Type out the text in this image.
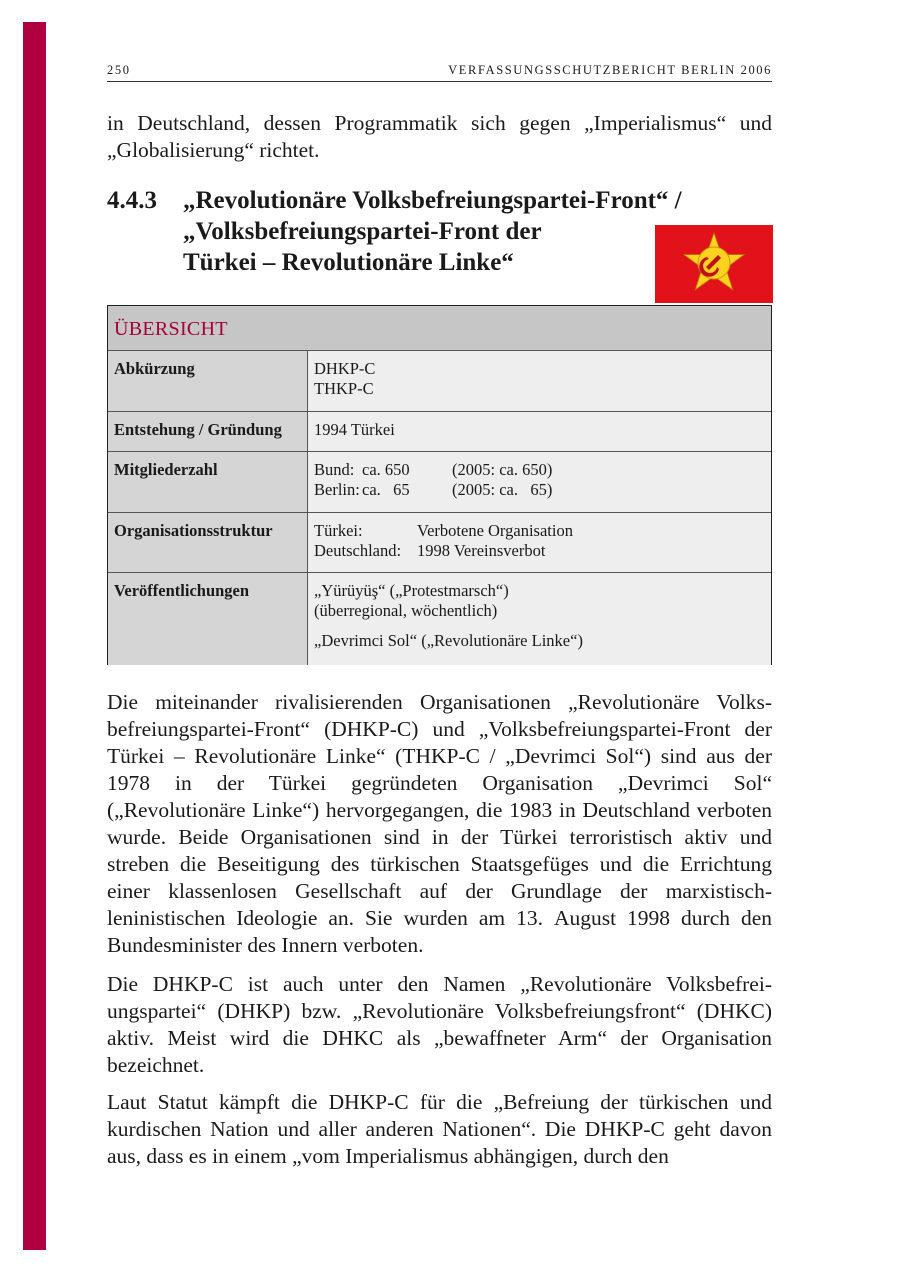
250	VERFASSUNGSSCHUTZBERICHT BERLIN 2006

in Deutschland, dessen Programmatik sich gegen „Imperialismus“ und „Globalisierung“ richtet.

4.4.3 „Revolutionäre Volksbefreiungspartei-Front“ /
„Volksbefreiungspartei-Front der
Türkei – Revolutionäre Linke“
ÜBERSICHT
Abkürzung	DHKP-C
THKP-C
Entstehung / Gründung	1994 Türkei
Mitgliederzahl	Bund: ca. 650	(2005: ca. 650)
Berlin: ca.   65	(2005: ca.   65)
Organisationsstruktur	Türkei:	Verbotene Organisation
Deutschland: 1998 Vereinsverbot
Veröffentlichungen	„Yürüyüş“ („Protestmarsch“)
(überregional, wöchentlich)
„Devrimci Sol“ („Revolutionäre Linke“)

Die miteinander rivalisierenden Organisationen „Revolutionäre Volksbefreiungspartei-Front“ (DHKP-C) und „Volksbefreiungspartei-Front der Türkei – Revolutionäre Linke“ (THKP-C / „Devrimci Sol“) sind aus der 1978 in der Türkei gegründeten Organisation „Devrimci Sol“ („Revolutionäre Linke“) hervorgegangen, die 1983 in Deutschland verboten wurde. Beide Organisationen sind in der Türkei terroristisch aktiv und streben die Beseitigung des türkischen Staatsgefüges und die Errichtung einer klassenlosen Gesellschaft auf der Grundlage der marxistisch-leninistischen Ideologie an. Sie wurden am 13. August 1998 durch den Bundesminister des Innern verboten.

Die DHKP-C ist auch unter den Namen „Revolutionäre Volksbefreiungspartei“ (DHKP) bzw. „Revolutionäre Volksbefreiungsfront“ (DHKC) aktiv. Meist wird die DHKC als „bewaffneter Arm“ der Organisation bezeichnet.

Laut Statut kämpft die DHKP-C für die „Befreiung der türkischen und kurdischen Nation und aller anderen Nationen“. Die DHKP-C geht davon aus, dass es in einem „vom Imperialismus abhängigen, durch den
